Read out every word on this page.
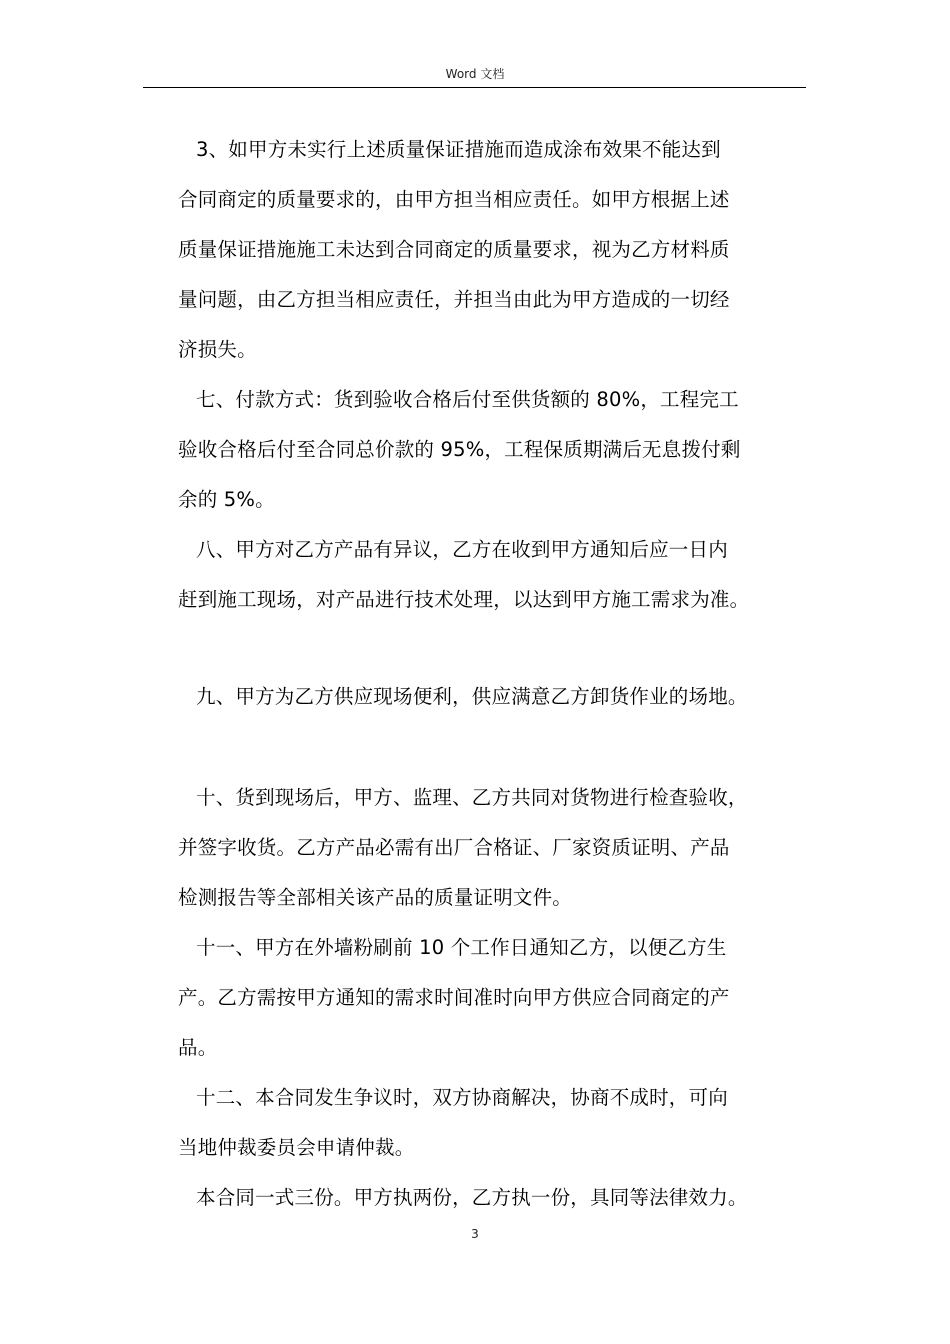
Word 文档
3、如甲方未实行上述质量保证措施而造成涂布效果不能达到
合同商定的质量要求的，由甲方担当相应责任。如甲方根据上述
质量保证措施施工未达到合同商定的质量要求，视为乙方材料质
量问题，由乙方担当相应责任，并担当由此为甲方造成的一切经
济损失。
七、付款方式：货到验收合格后付至供货额的 80%，工程完工
验收合格后付至合同总价款的 95%，工程保质期满后无息拨付剩
余的 5%。
八、甲方对乙方产品有异议，乙方在收到甲方通知后应一日内
赶到施工现场，对产品进行技术处理，以达到甲方施工需求为准。
九、甲方为乙方供应现场便利，供应满意乙方卸货作业的场地。
十、货到现场后，甲方、监理、乙方共同对货物进行检查验收，
并签字收货。乙方产品必需有出厂合格证、厂家资质证明、产品
检测报告等全部相关该产品的质量证明文件。
十一、甲方在外墙粉刷前 10 个工作日通知乙方，以便乙方生
产。乙方需按甲方通知的需求时间准时向甲方供应合同商定的产
品。
十二、本合同发生争议时，双方协商解决，协商不成时，可向
当地仲裁委员会申请仲裁。
本合同一式三份。甲方执两份，乙方执一份，具同等法律效力。
3
